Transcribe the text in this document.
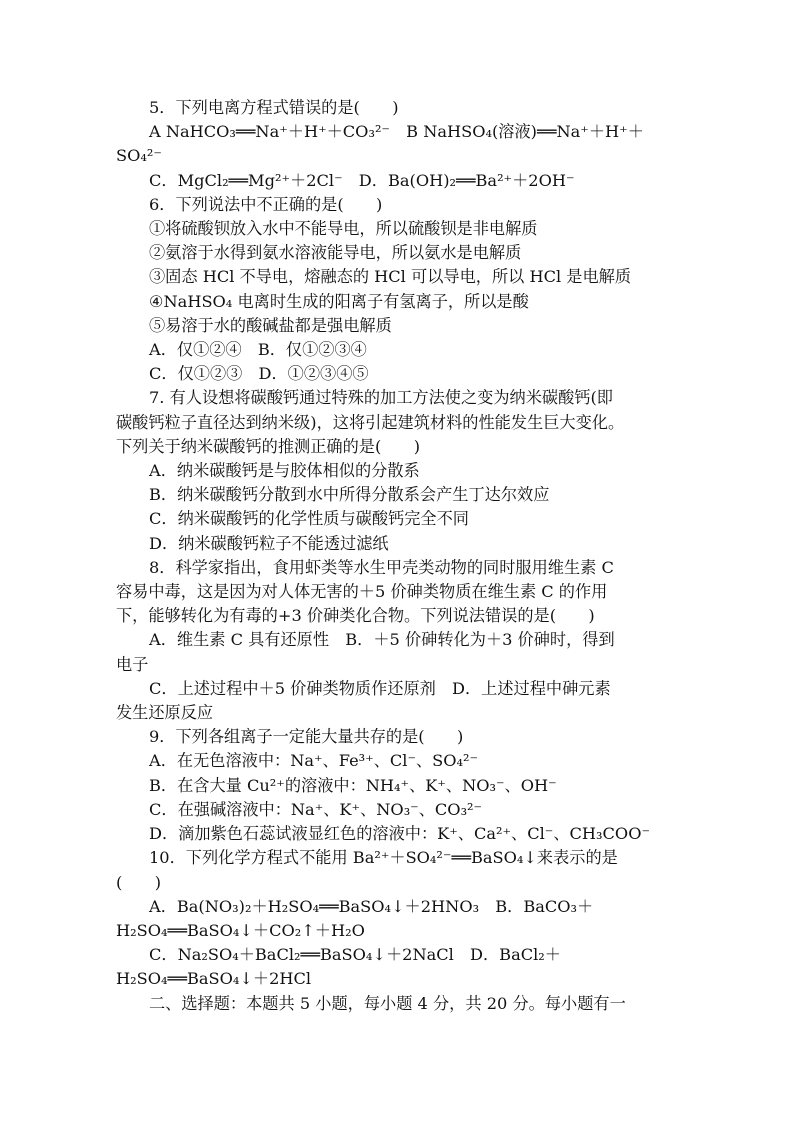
5．下列电离方程式错误的是(　　)
A NaHCO₃══Na⁺＋H⁺＋CO₃²⁻　B NaHSO₄(溶液)══Na⁺＋H⁺＋
SO₄²⁻
C．MgCl₂══Mg²⁺＋2Cl⁻　D．Ba(OH)₂══Ba²⁺＋2OH⁻
6．下列说法中不正确的是(　　)
①将硫酸钡放入水中不能导电，所以硫酸钡是非电解质
②氨溶于水得到氨水溶液能导电，所以氨水是电解质
③固态 HCl 不导电，熔融态的 HCl 可以导电，所以 HCl 是电解质
④NaHSO₄ 电离时生成的阳离子有氢离子，所以是酸
⑤易溶于水的酸碱盐都是强电解质
A．仅①②④　B．仅①②③④
C．仅①②③　D．①②③④⑤
7. 有人设想将碳酸钙通过特殊的加工方法使之变为纳米碳酸钙(即
碳酸钙粒子直径达到纳米级)，这将引起建筑材料的性能发生巨大变化。
下列关于纳米碳酸钙的推测正确的是(　　)
A．纳米碳酸钙是与胶体相似的分散系
B．纳米碳酸钙分散到水中所得分散系会产生丁达尔效应
C．纳米碳酸钙的化学性质与碳酸钙完全不同
D．纳米碳酸钙粒子不能透过滤纸
8．科学家指出，食用虾类等水生甲壳类动物的同时服用维生素 C
容易中毒，这是因为对人体无害的＋5 价砷类物质在维生素 C 的作用
下，能够转化为有毒的+3 价砷类化合物。下列说法错误的是(　　)
A．维生素 C 具有还原性　B．＋5 价砷转化为＋3 价砷时，得到
电子
C．上述过程中＋5 价砷类物质作还原剂　D．上述过程中砷元素
发生还原反应
9．下列各组离子一定能大量共存的是(　　)
A．在无色溶液中：Na⁺、Fe³⁺、Cl⁻、SO₄²⁻
B．在含大量 Cu²⁺的溶液中：NH₄⁺、K⁺、NO₃⁻、OH⁻
C．在强碱溶液中：Na⁺、K⁺、NO₃⁻、CO₃²⁻
D．滴加紫色石蕊试液显红色的溶液中：K⁺、Ca²⁺、Cl⁻、CH₃COO⁻
10．下列化学方程式不能用 Ba²⁺＋SO₄²⁻══BaSO₄↓来表示的是
(　　)
A．Ba(NO₃)₂＋H₂SO₄══BaSO₄↓＋2HNO₃　B．BaCO₃＋
H₂SO₄══BaSO₄↓＋CO₂↑＋H₂O
C．Na₂SO₄＋BaCl₂══BaSO₄↓＋2NaCl　D．BaCl₂＋
H₂SO₄══BaSO₄↓＋2HCl
二、选择题：本题共 5 小题，每小题 4 分，共 20 分。每小题有一
